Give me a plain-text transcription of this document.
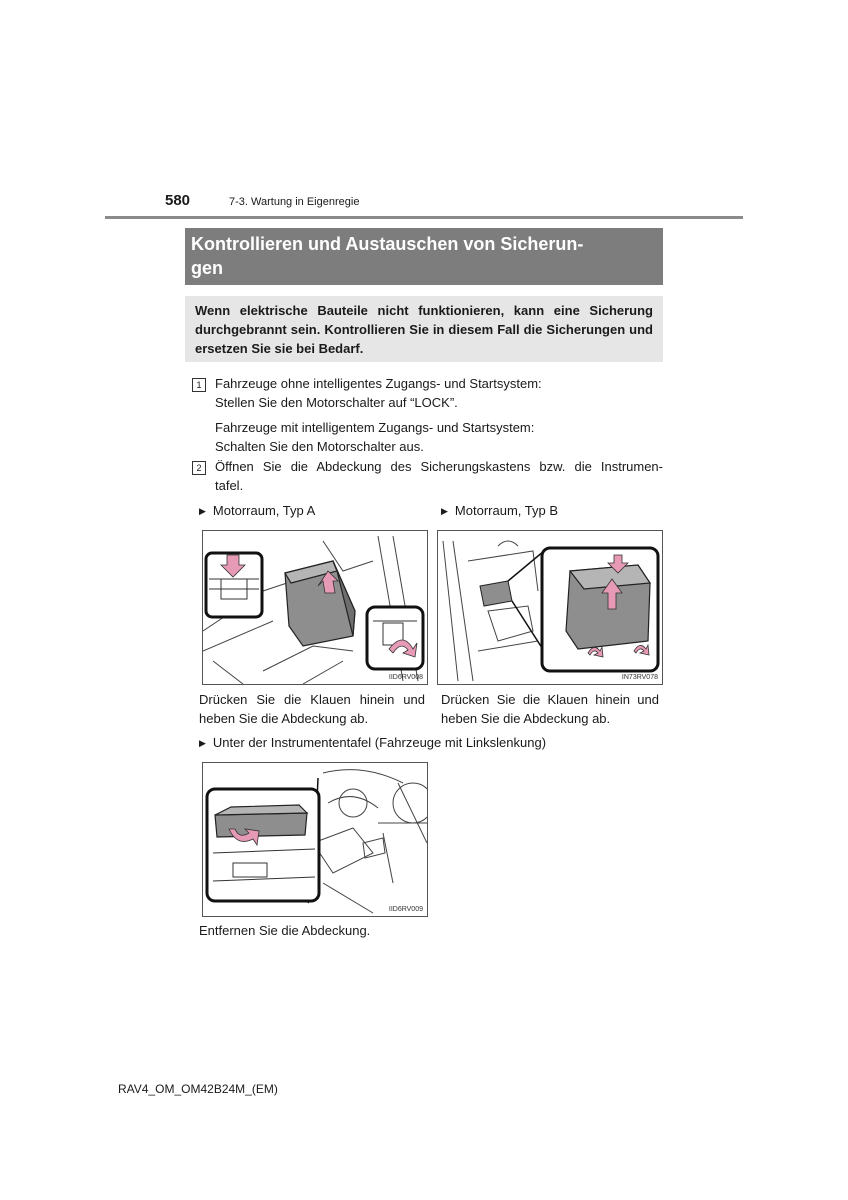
580	7-3. Wartung in Eigenregie
Kontrollieren und Austauschen von Sicherun-
gen
Wenn elektrische Bauteile nicht funktionieren, kann eine Sicherung durchgebrannt sein. Kontrollieren Sie in diesem Fall die Sicherungen und ersetzen Sie sie bei Bedarf.
1	Fahrzeuge ohne intelligentes Zugangs- und Startsystem:
Stellen Sie den Motorschalter auf “LOCK”.
Fahrzeuge mit intelligentem Zugangs- und Startsystem:
Schalten Sie den Motorschalter aus.
2	Öffnen Sie die Abdeckung des Sicherungskastens bzw. die Instrumen-
tafel.
▶ Motorraum, Typ A	▶ Motorraum, Typ B
IID6RV008	IN73RV078
Drücken Sie die Klauen hinein und heben Sie die Abdeckung ab.
Drücken Sie die Klauen hinein und heben Sie die Abdeckung ab.
▶ Unter der Instrumententafel (Fahrzeuge mit Linkslenkung)
IID6RV009
Entfernen Sie die Abdeckung.
RAV4_OM_OM42B24M_(EM)
